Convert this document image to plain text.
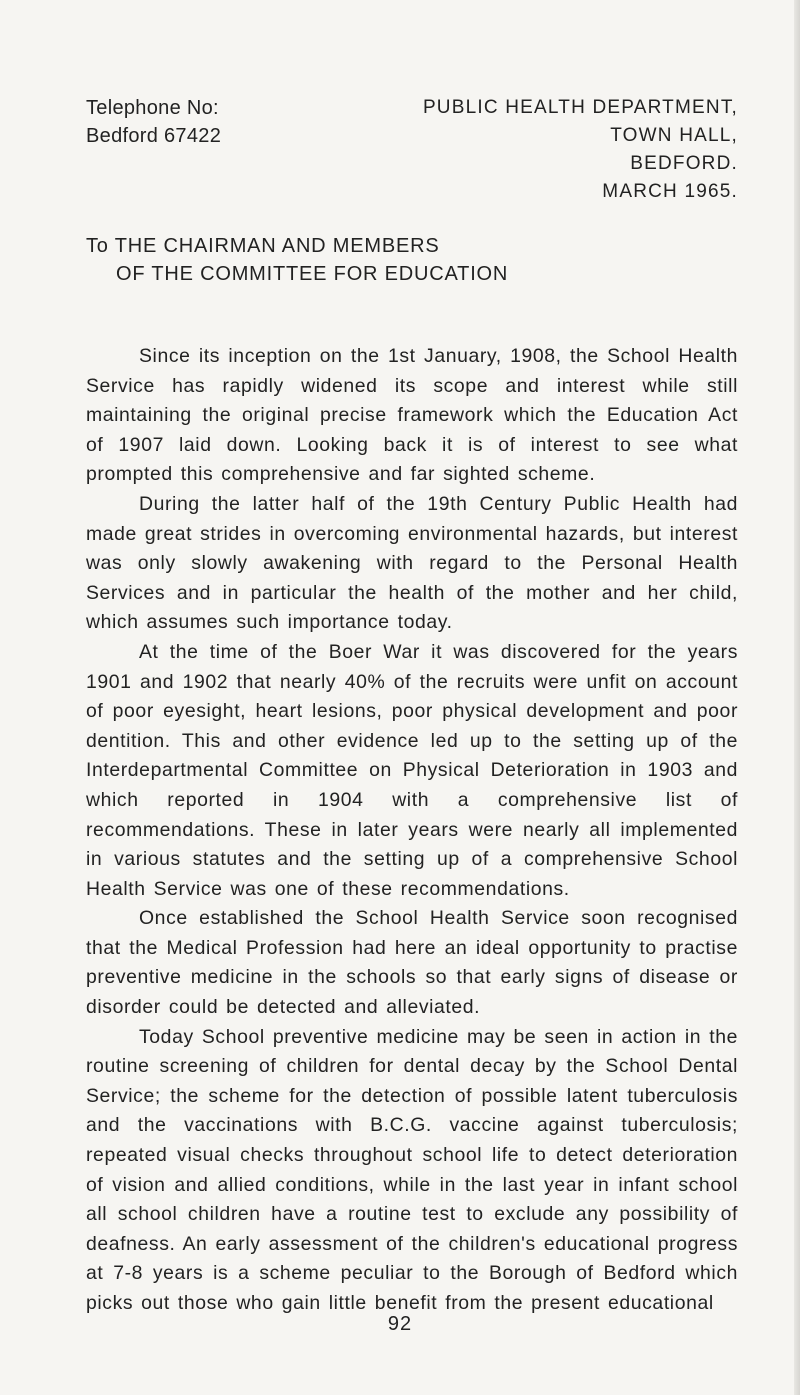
Telephone No:
Bedford 67422
PUBLIC HEALTH DEPARTMENT,
TOWN HALL,
BEDFORD.
MARCH 1965.
To THE CHAIRMAN AND MEMBERS
OF THE COMMITTEE FOR EDUCATION

Since its inception on the 1st January, 1908, the School Health Service has rapidly widened its scope and interest while still maintaining the original precise framework which the Education Act of 1907 laid down. Looking back it is of interest to see what prompted this comprehensive and far sighted scheme.

During the latter half of the 19th Century Public Health had made great strides in overcoming environmental hazards, but interest was only slowly awakening with regard to the Personal Health Services and in particular the health of the mother and her child, which assumes such importance today.

At the time of the Boer War it was discovered for the years 1901 and 1902 that nearly 40% of the recruits were unfit on account of poor eyesight, heart lesions, poor physical development and poor dentition. This and other evidence led up to the setting up of the Interdepartmental Committee on Physical Deterioration in 1903 and which reported in 1904 with a comprehensive list of recommendations. These in later years were nearly all implemented in various statutes and the setting up of a comprehensive School Health Service was one of these recommendations.

Once established the School Health Service soon recognised that the Medical Profession had here an ideal opportunity to practise preventive medicine in the schools so that early signs of disease or disorder could be detected and alleviated.

Today School preventive medicine may be seen in action in the routine screening of children for dental decay by the School Dental Service; the scheme for the detection of possible latent tuberculosis and the vaccinations with B.C.G. vaccine against tuberculosis; repeated visual checks throughout school life to detect deterioration of vision and allied conditions, while in the last year in infant school all school children have a routine test to exclude any possibility of deafness. An early assessment of the children's educational progress at 7-8 years is a scheme peculiar to the Borough of Bedford which picks out those who gain little benefit from the present educational

92
